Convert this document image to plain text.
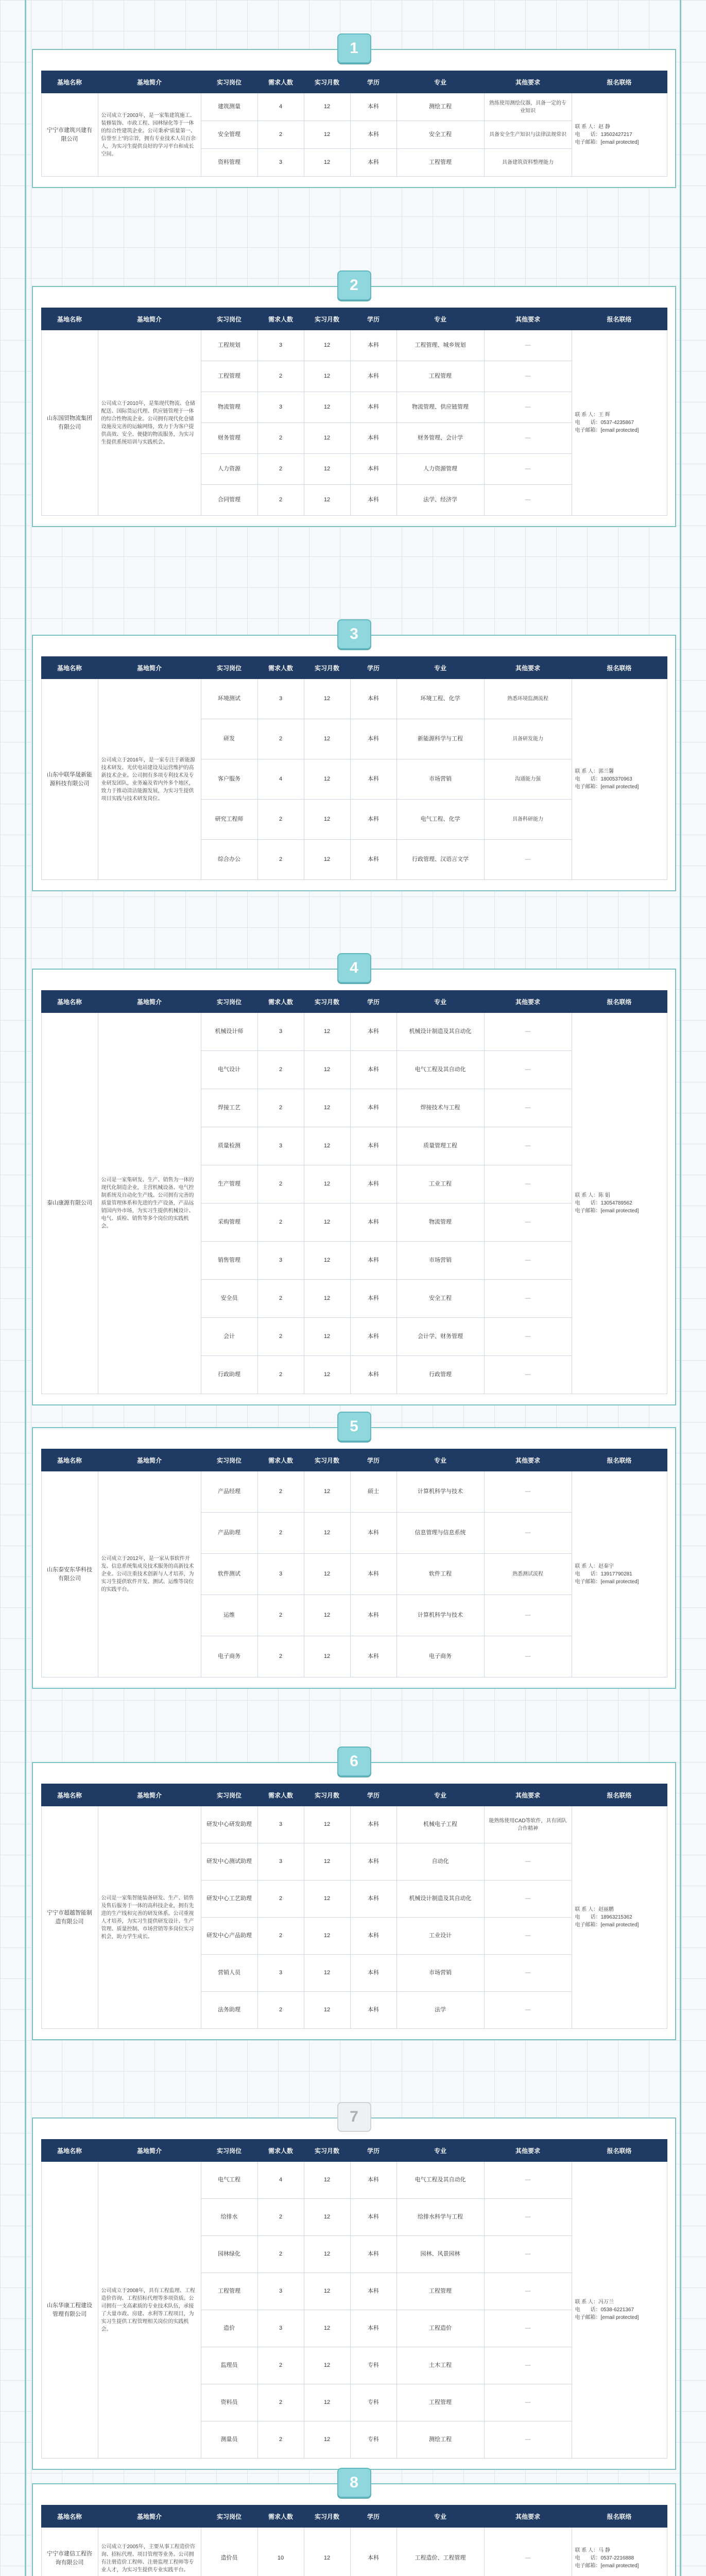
1
基地名称	基地简介	实习岗位	需求人数	实习月数	学历	专业	其他要求	报名联络
宁宁市建筑兴建有限公司	公司成立于2003年，是一家集建筑施工、装修装饰、市政工程、园林绿化等于一体的综合性建筑企业。公司秉承“质量第一、信誉至上”的宗旨，拥有专业技术人员百余人，为实习生提供良好的学习平台和成长空间。	建筑测量	4	12	本科	测绘工程	熟练使用测绘仪器，具备一定的专业知识	联 系 人：赵 静
电　　话：13502427217
电子邮箱：[email protected]
		安全管理	2	12	本科	安全工程	具备安全生产知识与法律法规常识	
		资料管理	3	12	本科	工程管理	具备建筑资料整理能力	
2
基地名称	基地简介	实习岗位	需求人数	实习月数	学历	专业	其他要求	报名联络
山东国贸物流集团有限公司	公司成立于2010年，是集现代物流、仓储配送、国际货运代理、供应链管理于一体的综合性物流企业。公司拥有现代化仓储设施及完善的运输网络，致力于为客户提供高效、安全、便捷的物流服务，为实习生提供系统培训与实践机会。	工程规划	3	12	本科	工程管理、城乡规划	—	联 系 人：王 辉
电　　话：0537-4235867
电子邮箱：[email protected]
		工程管理	2	12	本科	工程管理	—	
		物流管理	3	12	本科	物流管理、供应链管理	—	
		财务管理	2	12	本科	财务管理、会计学	—	
		人力资源	2	12	本科	人力资源管理	—	
		合同管理	2	12	本科	法学、经济学	—	
3
基地名称	基地简介	实习岗位	需求人数	实习月数	学历	专业	其他要求	报名联络
山东中联华晟新能源科技有限公司	公司成立于2016年，是一家专注于新能源技术研发、光伏电站建设及运营维护的高新技术企业。公司拥有多项专利技术及专业研发团队，业务遍及省内外多个地区，致力于推动清洁能源发展，为实习生提供项目实践与技术研发岗位。	环境测试	3	12	本科	环境工程、化学	熟悉环境监测流程	联 系 人：郭兰馨
电　　话：18005370963
电子邮箱：[email protected]
		研发	2	12	本科	新能源科学与工程	具备研发能力	
		客户服务	4	12	本科	市场营销	沟通能力强	
		研究工程师	2	12	本科	电气工程、化学	具备科研能力	
		综合办公	2	12	本科	行政管理、汉语言文学	—	
4
基地名称	基地简介	实习岗位	需求人数	实习月数	学历	专业	其他要求	报名联络
泰山康源有限公司	公司是一家集研发、生产、销售为一体的现代化制造企业，主营机械设备、电气控制系统及自动化生产线。公司拥有完善的质量管理体系和先进的生产设备，产品远销国内外市场，为实习生提供机械设计、电气、质检、销售等多个岗位的实践机会。	机械设计师	3	12	本科	机械设计制造及其自动化	—	联 系 人：陈 娟
电　　话：13054789562
电子邮箱：[email protected]
		电气设计	2	12	本科	电气工程及其自动化	—	
		焊接工艺	2	12	本科	焊接技术与工程	—	
		质量检测	3	12	本科	质量管理工程	—	
		生产管理	2	12	本科	工业工程	—	
		采购管理	2	12	本科	物流管理	—	
		销售管理	3	12	本科	市场营销	—	
		安全员	2	12	本科	安全工程	—	
		会计	2	12	本科	会计学、财务管理	—	
		行政助理	2	12	本科	行政管理	—	
5
基地名称	基地简介	实习岗位	需求人数	实习月数	学历	专业	其他要求	报名联络
山东泰安东华科技有限公司	公司成立于2012年，是一家从事软件开发、信息系统集成及技术服务的高新技术企业。公司注重技术创新与人才培养，为实习生提供软件开发、测试、运维等岗位的实践平台。	产品经理	2	12	硕士	计算机科学与技术	—	联 系 人：赵秦宇
电　　话：13917790281
电子邮箱：[email protected]
		产品助理	2	12	本科	信息管理与信息系统	—	
		软件测试	3	12	本科	软件工程	熟悉测试流程	
		运维	2	12	本科	计算机科学与技术	—	
		电子商务	2	12	本科	电子商务	—	
6
基地名称	基地简介	实习岗位	需求人数	实习月数	学历	专业	其他要求	报名联络
宁宁市超越智能制造有限公司	公司是一家集智能装备研发、生产、销售及售后服务于一体的高科技企业，拥有先进的生产线和完善的研发体系。公司重视人才培养，为实习生提供研发设计、生产管理、质量控制、市场营销等多岗位实习机会，助力学生成长。	研发中心研发助理	3	12	本科	机械电子工程	能熟练使用CAD等软件，具有团队合作精神	联 系 人：赵丽鹏
电　　话：18963215362
电子邮箱：[email protected]
		研发中心测试助理	3	12	本科	自动化	—	
		研发中心工艺助理	2	12	本科	机械设计制造及其自动化	—	
		研发中心产品助理	2	12	本科	工业设计	—	
		营销人员	3	12	本科	市场营销	—	
		法务助理	2	12	本科	法学	—	
7
基地名称	基地简介	实习岗位	需求人数	实习月数	学历	专业	其他要求	报名联络
山东华康工程建设管理有限公司	公司成立于2008年，具有工程监理、工程造价咨询、工程招标代理等多项资质。公司拥有一支高素质的专业技术队伍，承接了大量市政、房建、水利等工程项目，为实习生提供工程管理相关岗位的实践机会。	电气工程	4	12	本科	电气工程及其自动化	—	联 系 人：冯万兰
电　　话：0538-6221367
电子邮箱：[email protected]
		给排水	2	12	本科	给排水科学与工程	—	
		园林绿化	2	12	本科	园林、风景园林	—	
		工程管理	3	12	本科	工程管理	—	
		造价	3	12	本科	工程造价	—	
		监理员	2	12	专科	土木工程	—	
		资料员	2	12	专科	工程管理	—	
		测量员	2	12	专科	测绘工程	—	
8
基地名称	基地简介	实习岗位	需求人数	实习月数	学历	专业	其他要求	报名联络
宁宁市建信工程咨询有限公司	公司成立于2005年，主要从事工程造价咨询、招标代理、项目管理等业务。公司拥有注册造价工程师、注册监理工程师等专业人才，为实习生提供专业实践平台。	造价员	10	12	本科	工程造价、工程管理	—	联 系 人：马 静
电　　话：0537-2216888
电子邮箱：[email protected]
